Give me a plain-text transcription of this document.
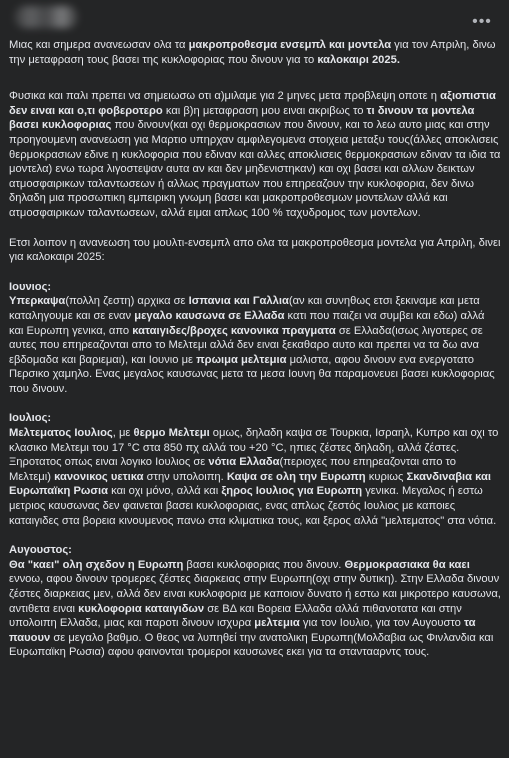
•••

Μιας και σημερα ανανεωσαν ολα τα μακροπροθεσμα ενσεμπλ και μοντελα για τον Απριλη, δινω την μεταφραση τους βασει της κυκλοφοριας που δινουν για το καλοκαιρι 2025.

Φυσικα και παλι πρεπει να σημειωσω οτι α)μιλαμε για 2 μηνες μετα προβλεψη οποτε η αξιοπιστια δεν ειναι και ο,τι φοβεροτερο και β)η μεταφραση μου ειναι ακριβως το τι δινουν τα μοντελα βασει κυκλοφοριας που δινουν(και οχι θερμοκρασιων που δινουν, και το λεω αυτο μιας και στην προηγουμενη ανανεωση για Μαρτιο υπηρχαν αμφιλεγομενα στοιχεια μεταξυ τους(άλλες αποκλισεις θερμοκρασιων εδινε η κυκλοφορια που εδιναν και αλλες αποκλισεις θερμοκρασιων εδιναν τα ιδια τα μοντελα) ενω τωρα λιγοστεψαν αυτα αν και δεν μηδενιστηκαν) και οχι βασει και αλλων δεικτων ατμοσφαιρικων ταλαντωσεων ή αλλως πραγματων που επηρεαζουν την κυκλοφορια, δεν δινω δηλαδη μια προσωπικη εμπειρικη γνωμη βασει και μακροπροθεσμων μοντελων αλλά και ατμοσφαιρικων ταλαντωσεων, αλλά ειμαι απλως 100 % ταχυδρομος των μοντελων.

Ετσι λοιπον η ανανεωση του μουλτι-ενσεμπλ απο ολα τα μακροπροθεσμα μοντελα για Απριλη, δινει για καλοκαιρι 2025:

Ιουνιος:

Υπερκαψα(πολλη ζεστη) αρχικα σε Ισπανια και Γαλλια(αν και συνηθως ετσι ξεκιναμε και μετα καταληγουμε και σε εναν μεγαλο καυσωνα σε Ελλαδα κατι που παιζει να συμβει και εδω) αλλά και Ευρωπη γενικα, απο καταιγιδες/βροχες κανονικα πραγματα σε Ελλαδα(ισως λιγοτερες σε αυτες που επηρεαζονται απο το Μελτεμι αλλά δεν ειναι ξεκαθαρο αυτο και πρεπει να τα δω ανα εβδομαδα και βαριεμαι), και Ιουνιο με πρωιμα μελτεμια μαλιστα, αφου δινουν ενα ενεργοτατο Περσικο χαμηλο. Ενας μεγαλος καυσωνας μετα τα μεσα Ιουνη θα παραμονευει βασει κυκλοφοριας που δινουν.

Ιουλιος:

Μελτεματος Ιουλιος, με θερμο Μελτεμι ομως, δηλαδη καψα σε Τουρκια, Ισραηλ, Κυπρο και οχι το κλασικο Μελτεμι του 17 °C στα 850 πχ αλλά του +20 °C, ηπιες ζέστες δηλαδη, αλλά ζέστες. Ξηροτατος οπως ειναι λογικο Ιουλιος σε νότια Ελλαδα(περιοχες που επηρεαζονται απο το Μελτεμι) κανονικος υετικα στην υπολοιπη. Καψα σε ολη την Ευρωπη κυριως Σκανδιναβια και Ευρωπαϊκη Ρωσια και οχι μόνο, αλλά και ξηρος Ιουλιος για Ευρωπη γενικα. Μεγαλος ή εστω μετριος καυσωνας δεν φαινεται βασει κυκλοφοριας, ενας απλως ζεστός Ιουλιος με καποιες καταιγιδες στα βορεια κινουμενος πανω στα κλιματικα τους, και ξερος αλλά "μελτεματος" στα νότια.

Αυγουστος:

Θα "καει" ολη σχεδον η Ευρωπη βασει κυκλοφοριας που δινουν. Θερμοκρασιακα θα καει εννοω, αφου δινουν τρομερες ζέστες διαρκειας στην Ευρωπη(οχι στην δυτικη). Στην Ελλαδα δινουν ζέστες διαρκειας μεν, αλλά δεν ειναι κυκλοφορια με καποιον δυνατο ή εστω και μικροτερο καυσωνα, αντιθετα ειναι κυκλοφορια καταιγιδων σε ΒΔ και Βορεια Ελλαδα αλλά πιθανοτατα και στην υπολοιπη Ελλαδα, μιας και παροτι δινουν ισχυρα μελτεμια για τον Ιουλιο, για τον Αυγουστο τα παυουν σε μεγαλο βαθμο. Ο θεος να λυπηθεί την ανατολικη Ευρωπη(Μολδαβια ως Φινλανδια και Ευρωπαϊκη Ρωσια) αφου φαινονται τρομεροι καυσωνες εκει για τα σταντααρντς τους.
